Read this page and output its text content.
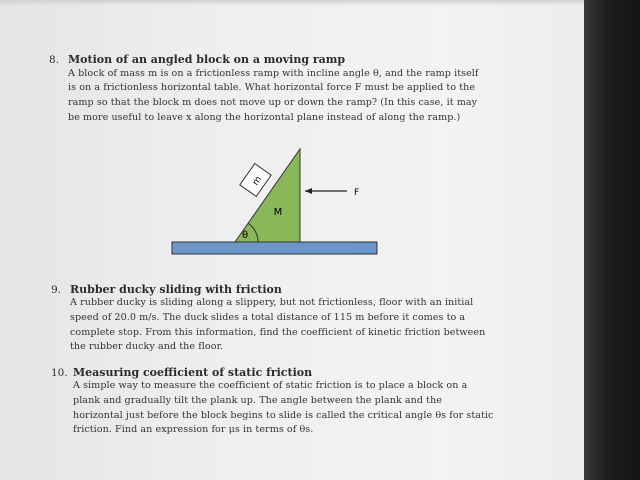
8. Motion of an angled block on a moving ramp
A block of mass m is on a frictionless ramp with incline angle θ, and the ramp itself
is on a frictionless horizontal table. What horizontal force F must be applied to the
ramp so that the block m does not move up or down the ramp? (In this case, it may
be more useful to leave x along the horizontal plane instead of along the ramp.)
m
M
F
θ
9. Rubber ducky sliding with friction
A rubber ducky is sliding along a slippery, but not frictionless, floor with an initial
speed of 20.0 m/s. The duck slides a total distance of 115 m before it comes to a
complete stop. From this information, find the coefficient of kinetic friction between
the rubber ducky and the floor.
10. Measuring coefficient of static friction
A simple way to measure the coefficient of static friction is to place a block on a
plank and gradually tilt the plank up. The angle between the plank and the
horizontal just before the block begins to slide is called the critical angle θs for static
friction. Find an expression for μs in terms of θs.
